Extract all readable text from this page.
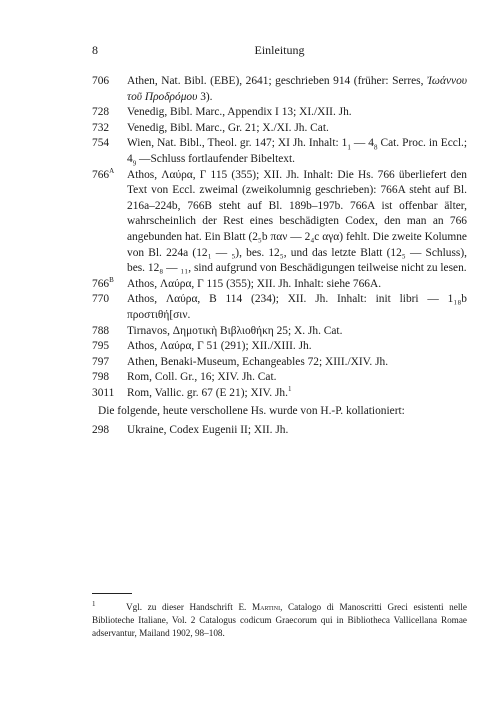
8	Einleitung
706 Athen, Nat. Bibl. (EBE), 2641; geschrieben 914 (früher: Serres, Ἰωάννου τοῦ Προδρόμου 3).
728 Venedig, Bibl. Marc., Appendix I 13; XI./XII. Jh.
732 Venedig, Bibl. Marc., Gr. 21; X./XI. Jh. Cat.
754 Wien, Nat. Bibl., Theol. gr. 147; XI Jh. Inhalt: $1_1$ — $4_8$ Cat. Proc. in Eccl.; $4_9$ —Schluss fortlaufender Bibeltext.
$766^A$ Athos, Λαύρα, Γ 115 (355); XII. Jh. Inhalt: Die Hs. 766 überliefert den Text von Eccl. zweimal (zweikolumnig geschrieben): 766A steht auf Bl. 216a–224b, 766B steht auf Bl. 189b–197b. 766A ist offenbar älter, wahrscheinlich der Rest eines beschädigten Codex, den man an 766 angebunden hat. Ein Blatt (2₅b παν — 2₄c αγα) fehlt. Die zweite Kolumne von Bl. 224a (12₁ — ₅), bes. 12₅, und das letzte Blatt (12₅ — Schluss), bes. 12₈ — ₁₁, sind aufgrund von Beschädigungen teilweise nicht zu lesen.
$766^B$ Athos, Λαύρα, Γ 115 (355); XII. Jh. Inhalt: siehe 766A.
770 Athos, Λαύρα, Β 114 (234); XII. Jh. Inhalt: init libri — 1₁₈b προστιθή[σιν.
788 Tirnavos, Δημοτικὴ Βιβλιοθήκη 25; X. Jh. Cat.
795 Athos, Λαύρα, Γ 51 (291); XII./XIII. Jh.
797 Athen, Benaki-Museum, Echangeables 72; XIII./XIV. Jh.
798 Rom, Coll. Gr., 16; XIV. Jh. Cat.
3011 Rom, Vallic. gr. 67 (E 21); XIV. Jh.$^1$
Die folgende, heute verschollene Hs. wurde von H.-P. kollationiert:
298 Ukraine, Codex Eugenii II; XII. Jh.
$^1$	Vgl. zu dieser Handschrift E. Martini, Catalogo di Manoscritti Greci esistenti nelle Biblioteche Italiane, Vol. 2 Catalogus codicum Graecorum qui in Bibliotheca Vallicellana Romae adservantur, Mailand 1902, 98–108.
